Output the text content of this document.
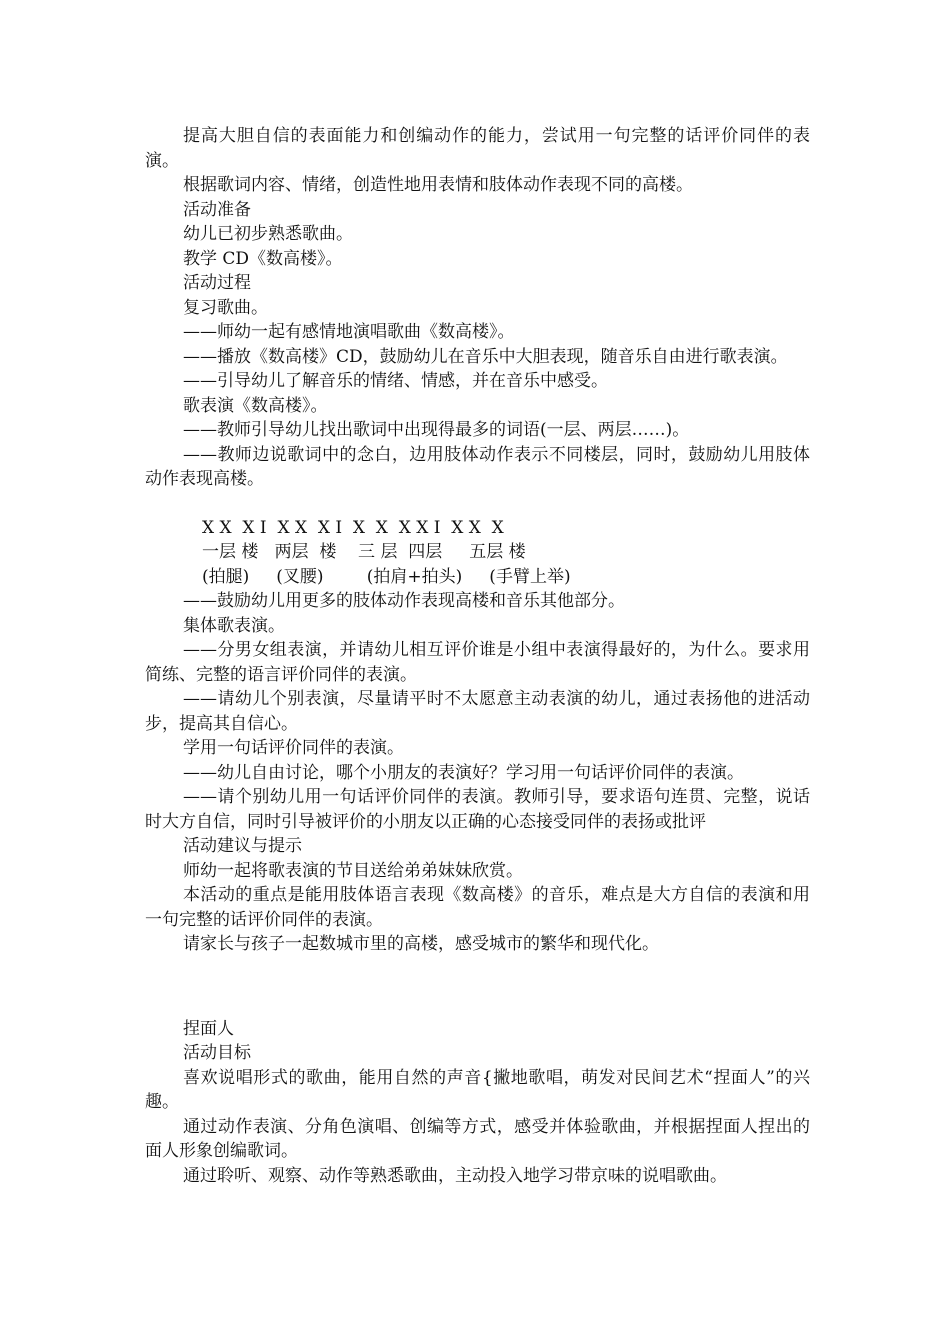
提高大胆自信的表面能力和创编动作的能力，尝试用一句完整的话评价同伴的表演。

根据歌词内容、情绪，创造性地用表情和肢体动作表现不同的高楼。

活动准备

幼儿已初步熟悉歌曲。

教学 CD《数高楼》。

活动过程

复习歌曲。

——师幼一起有感情地演唱歌曲《数高楼》。

——播放《数高楼》CD，鼓励幼儿在音乐中大胆表现，随音乐自由进行歌表演。

——引导幼儿了解音乐的情绪、情感，并在音乐中感受。

歌表演《数高楼》。

——教师引导幼儿找出歌词中出现得最多的词语(一层、两层……)。

——教师边说歌词中的念白，边用肢体动作表示不同楼层，同时，鼓励幼儿用肢体动作表现高楼。

X X  X I  X X  X I  X  X  X X I  X X  X

一层 楼   两层  楼    三 层  四层     五层 楼

(拍腿)     (叉腰)        (拍肩+拍头)     (手臂上举)

——鼓励幼儿用更多的肢体动作表现高楼和音乐其他部分。

集体歌表演。

——分男女组表演，并请幼儿相互评价谁是小组中表演得最好的，为什么。要求用简练、完整的语言评价同伴的表演。

——请幼儿个别表演，尽量请平时不太愿意主动表演的幼儿，通过表扬他的进活动步，提高其自信心。

学用一句话评价同伴的表演。

——幼儿自由讨论，哪个小朋友的表演好？学习用一句话评价同伴的表演。

——请个别幼儿用一句话评价同伴的表演。教师引导，要求语句连贯、完整，说话时大方自信，同时引导被评价的小朋友以正确的心态接受同伴的表扬或批评

活动建议与提示

师幼一起将歌表演的节目送给弟弟妹妹欣赏。

本活动的重点是能用肢体语言表现《数高楼》的音乐，难点是大方自信的表演和用一句完整的话评价同伴的表演。

请家长与孩子一起数城市里的高楼，感受城市的繁华和现代化。

捏面人

活动目标

喜欢说唱形式的歌曲，能用自然的声音{撇地歌唱，萌发对民间艺术“捏面人”的兴趣。

通过动作表演、分角色演唱、创编等方式，感受并体验歌曲，并根据捏面人捏出的面人形象创编歌词。

通过聆听、观察、动作等熟悉歌曲，主动投入地学习带京味的说唱歌曲。
